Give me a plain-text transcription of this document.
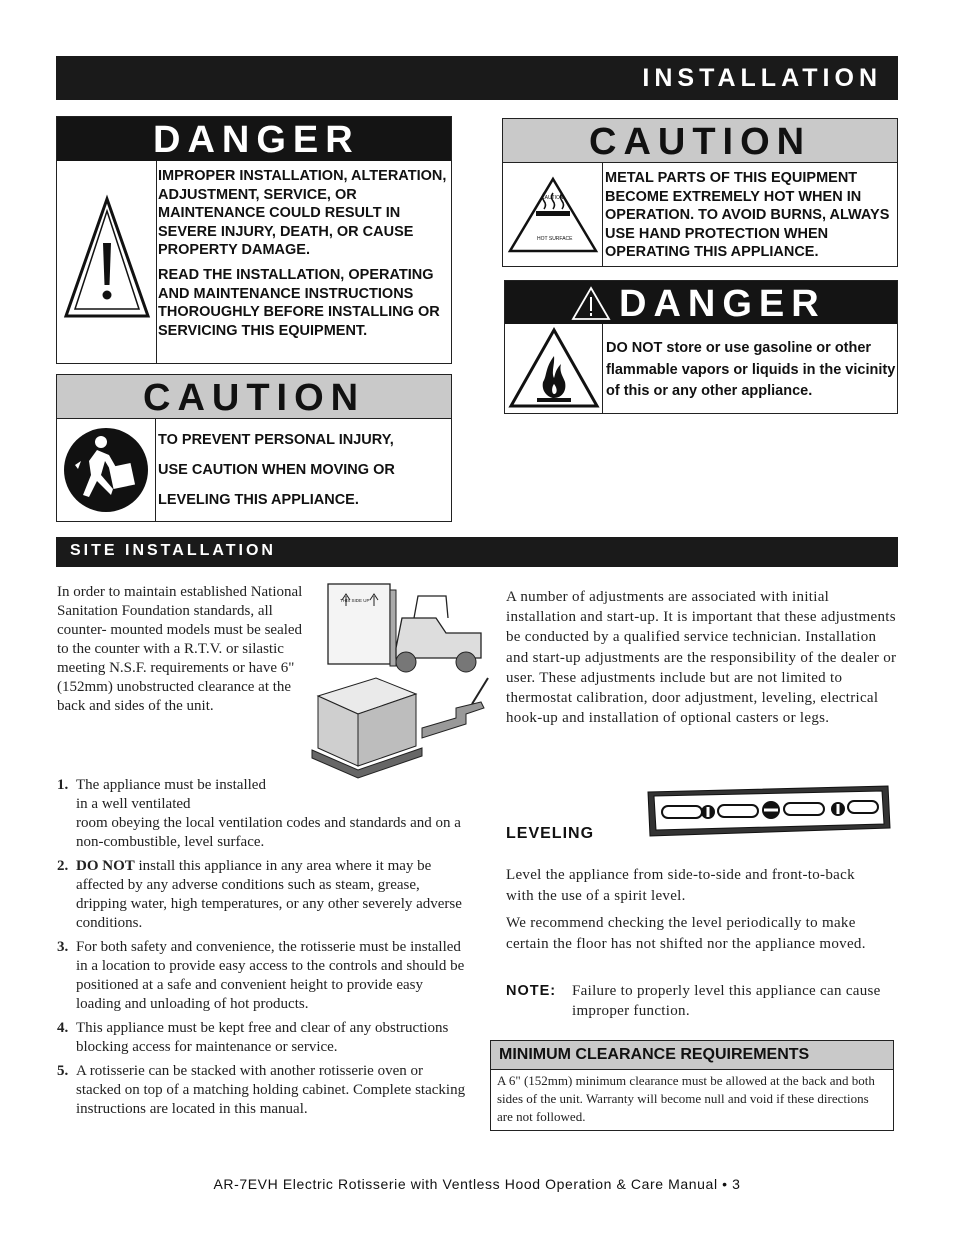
INSTALLATION
DANGER
IMPROPER INSTALLATION, ALTERATION, ADJUSTMENT, SERVICE, OR MAINTENANCE COULD RESULT IN SEVERE INJURY, DEATH, OR CAUSE PROPERTY DAMAGE.
READ THE INSTALLATION, OPERATING AND MAINTENANCE INSTRUCTIONS THOROUGHLY BEFORE INSTALLING OR SERVICING THIS EQUIPMENT.
CAUTION
TO PREVENT PERSONAL INJURY,
USE CAUTION WHEN MOVING OR
LEVELING THIS APPLIANCE.
CAUTION
CAUTION
HOT SURFACE
METAL PARTS OF THIS EQUIPMENT BECOME EXTREMELY HOT WHEN IN OPERATION. TO AVOID BURNS, ALWAYS USE HAND PROTECTION WHEN OPERATING THIS APPLIANCE.
DANGER
DO NOT store or use gasoline or other flammable vapors or liquids in the vicinity of this or any other appliance.
SITE INSTALLATION
THIS SIDE UP
In order to maintain established National Sanitation Foundation standards, all counter- mounted models must be sealed to the counter with a R.T.V. or silastic meeting N.S.F. requirements or have 6" (152mm) unobstructed clearance at the back and sides of the unit.
1. The appliance must be installed in a well ventilated
room obeying the local ventilation codes and standards and on a non-combustible, level surface.
2. DO NOT install this appliance in any area where it may be affected by any adverse conditions such as steam, grease, dripping water, high temperatures, or any other severely adverse conditions.
3. For both safety and convenience, the rotisserie must be installed in a location to provide easy access to the controls and should be positioned at a safe and convenient height to provide easy loading and unloading of hot products.
4. This appliance must be kept free and clear of any obstructions blocking access for maintenance or service.
5. A rotisserie can be stacked with another rotisserie oven or stacked on top of a matching holding cabinet. Complete stacking instructions are located in this manual.
A number of adjustments are associated with initial installation and start-up. It is important that these adjustments be conducted by a qualified service technician. Installation and start-up adjustments are the responsibility of the dealer or user. These adjustments include but are not limited to thermostat calibration, door adjustment, leveling, electrical hook-up and installation of optional casters or legs.
LEVELING
Level the appliance from side-to-side and front-to-back with the use of a spirit level.
We recommend checking the level periodically to make certain the floor has not shifted nor the appliance moved.
NOTE: Failure to properly level this appliance can cause improper function.
MINIMUM CLEARANCE REQUIREMENTS
A 6" (152mm) minimum clearance must be allowed at the back and both sides of the unit. Warranty will become null and void if these directions are not followed.
AR-7EVH Electric Rotisserie with Ventless Hood Operation & Care Manual • 3
